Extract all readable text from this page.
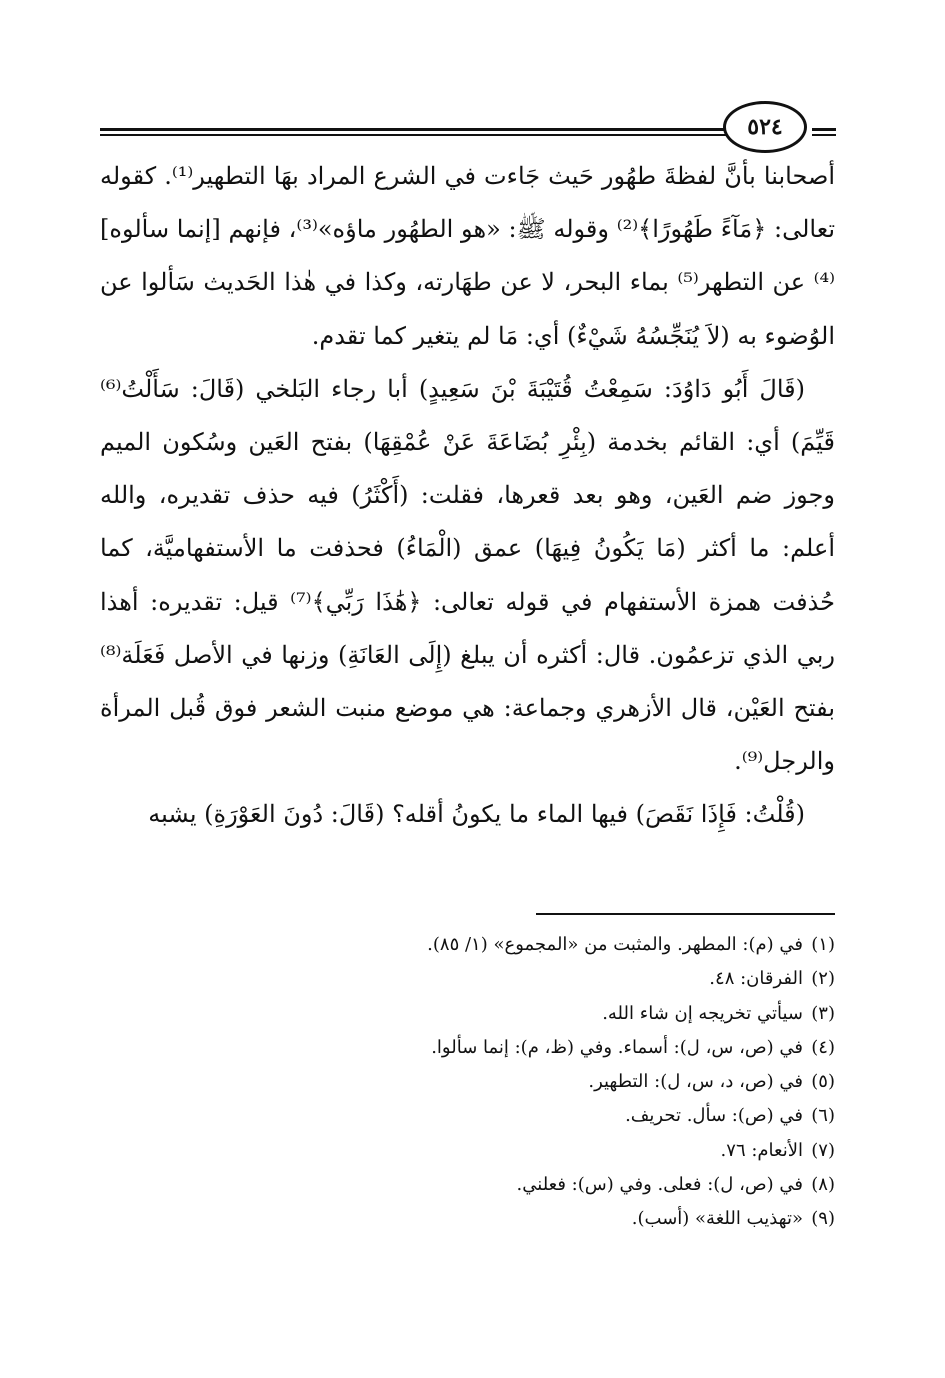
٥٢٤

أصحابنا بأنَّ لفظةَ طهُور حَيث جَاءت في الشرع المراد بهَا التطهير⁽¹⁾. كقوله تعالى: ﴿مَآءً طَهُورًا﴾⁽²⁾ وقوله ﷺ: «هو الطهُور ماؤه»⁽³⁾، فإنهم [إنما سألوه]⁽⁴⁾ عن التطهر⁽⁵⁾ بماء البحر، لا عن طهَارته، وكذا في هٰذا الحَديث سَألوا عن الوُضوء به (لاَ يُنَجِّسُهُ شَيْءٌ) أي: مَا لم يتغير كما تقدم.

(قَالَ أَبُو دَاوُدَ: سَمِعْتُ قُتَيْبَةَ بْنَ سَعِيدٍ) أبا رجاء البَلخي (قَالَ: سَأَلْتُ⁽⁶⁾ قَيِّمَ) أي: القائم بخدمة (بِئْرِ بُضَاعَةَ عَنْ عُمْقِهَا) بفتح العَين وسُكون الميم وجوز ضم العَين، وهو بعد قعرها، فقلت: (أَكْثَرُ) فيه حذف تقديره، والله أعلم: ما أكثر (مَا يَكُونُ فِيهَا) عمق (الْمَاءُ) فحذفت ما الأستفهاميَّة، كما حُذفت همزة الأستفهام في قوله تعالى: ﴿هَٰذَا رَبِّي﴾⁽⁷⁾ قيل: تقديره: أهذا ربي الذي تزعمُون. قال: أكثره أن يبلغ (إِلَى العَانَةِ) وزنها في الأصل فَعَلَة⁽⁸⁾ بفتح العَيْن، قال الأزهري وجماعة: هي موضع منبت الشعر فوق قُبل المرأة والرجل⁽⁹⁾.

(قُلْتُ: فَإِذَا نَقَصَ) فيها الماء ما يكونُ أقله؟ (قَالَ: دُونَ العَوْرَةِ) يشبه

(١)في (م): المطهر. والمثبت من «المجموع» (١/ ٨٥).
(٢)الفرقان: ٤٨.
(٣)سيأتي تخريجه إن شاء الله.
(٤)في (ص، س، ل): أسماء. وفي (ظ، م): إنما سألوا.
(٥)في (ص، د، س، ل): التطهير.
(٦)في (ص): سأل. تحريف.
(٧)الأنعام: ٧٦.
(٨)في (ص، ل): فعلى. وفي (س): فعلني.
(٩)«تهذيب اللغة» (أسب).
